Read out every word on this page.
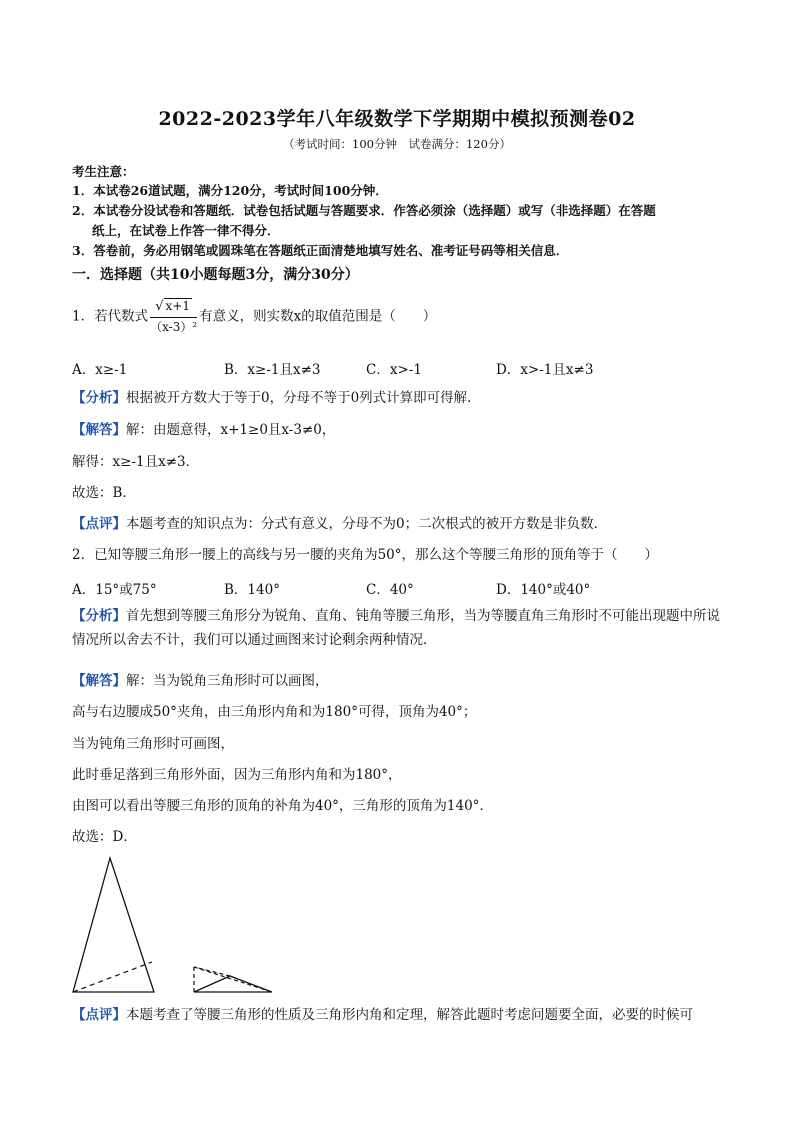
2022-2023学年八年级数学下学期期中模拟预测卷02
（考试时间：100分钟　试卷满分：120分）
考生注意：
1．本试卷26道试题，满分120分，考试时间100分钟．
2．本试卷分设试卷和答题纸．试卷包括试题与答题要求．作答必须涂（选择题）或写（非选择题）在答题
纸上，在试卷上作答一律不得分．
3．答卷前，务必用钢笔或圆珠笔在答题纸正面清楚地填写姓名、准考证号码等相关信息．
一．选择题（共10小题每题3分，满分30分）
1．若代数式 $\frac{√ x+1}{\text{（x-3）²}}$ 有意义，则实数x的取值范围是（　　）
A．x≥-1	B．x≥-1且x≠3	C．x>-1	D．x>-1且x≠3
【分析】根据被开方数大于等于0，分母不等于0列式计算即可得解．
【解答】解：由题意得，x+1≥0且x-3≠0，
解得：x≥-1且x≠3．
故选：B．
【点评】本题考查的知识点为：分式有意义，分母不为0；二次根式的被开方数是非负数．
2．已知等腰三角形一腰上的高线与另一腰的夹角为50°，那么这个等腰三角形的顶角等于（　　）
A．15°或75°	B．140°	C．40°	D．140°或40°
【分析】首先想到等腰三角形分为锐角、直角、钝角等腰三角形，当为等腰直角三角形时不可能出现题中所说情况所以舍去不计，我们可以通过画图来讨论剩余两种情况．
【解答】解：当为锐角三角形时可以画图，
高与右边腰成50°夹角，由三角形内角和为180°可得，顶角为40°；
当为钝角三角形时可画图，
此时垂足落到三角形外面，因为三角形内角和为180°，
由图可以看出等腰三角形的顶角的补角为40°，三角形的顶角为140°．
故选：D．
【点评】本题考查了等腰三角形的性质及三角形内角和定理，解答此题时考虑问题要全面，必要的时候可
